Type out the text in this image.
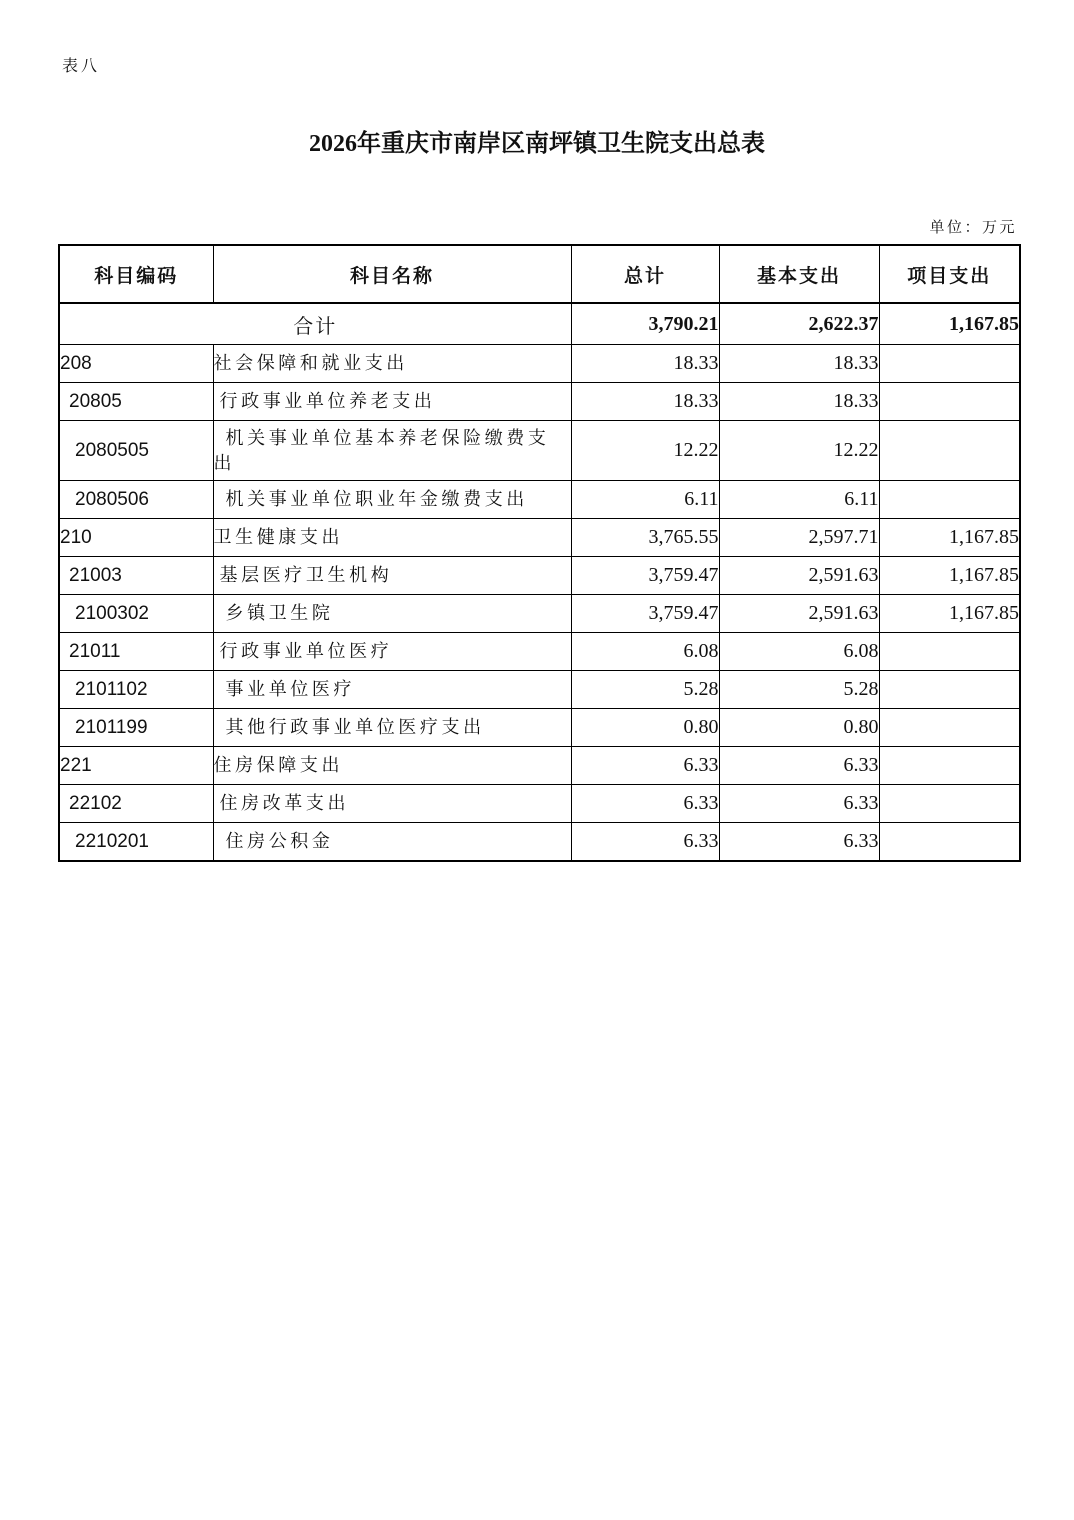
表八
2026年重庆市南岸区南坪镇卫生院支出总表
单位：万元
科目编码	科目名称	总计	基本支出	项目支出
合计		3,790.21	2,622.37	1,167.85
208	社会保障和就业支出	18.33	18.33	
20805	行政事业单位养老支出	18.33	18.33	
2080505	机关事业单位基本养老保险缴费支出	12.22	12.22	
2080506	机关事业单位职业年金缴费支出	6.11	6.11	
210	卫生健康支出	3,765.55	2,597.71	1,167.85
21003	基层医疗卫生机构	3,759.47	2,591.63	1,167.85
2100302	乡镇卫生院	3,759.47	2,591.63	1,167.85
21011	行政事业单位医疗	6.08	6.08	
2101102	事业单位医疗	5.28	5.28	
2101199	其他行政事业单位医疗支出	0.80	0.80	
221	住房保障支出	6.33	6.33	
22102	住房改革支出	6.33	6.33	
2210201	住房公积金	6.33	6.33	
